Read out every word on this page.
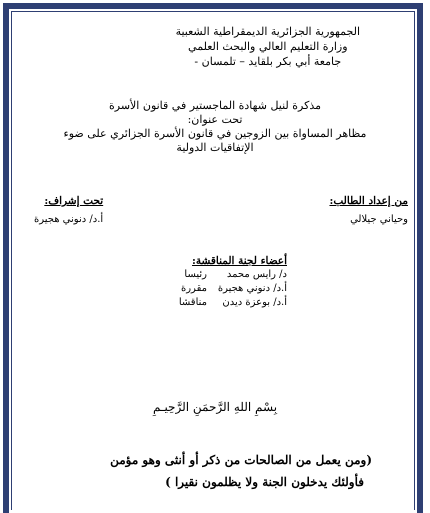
الجمهورية الجزائرية الديمقراطية الشعبية
وزارة التعليم العالي والبحث العلمي
جامعة أبي بكر بلقايد – تلمسان -
مذكرة لنيل شهادة الماجستير في قانون الأسرة
تحت عنوان:
مظاهر المساواة بين الزوجين في قانون الأسرة الجزائري على ضوء
الإتفاقيات الدولية
من إعداد الطالب:
وحياني جيلالي
تحت إشراف:
أ.د/ دنوني هجيرة
أعضاء لجنة المناقشة:
د/ رايس محمدرئيسا
أ.د/ دنوني هجيرةمقررة
أ.د/ بوعزة ديدنمناقشا
بِسْمِ اللهِ الرَّحمَنِ الرَّحِيـمِ
(ومن يعمل من الصالحات من ذكر أو أنثى وهو مؤمن
فأولئك يدخلون الجنة ولا يظلمون نقيرا )
